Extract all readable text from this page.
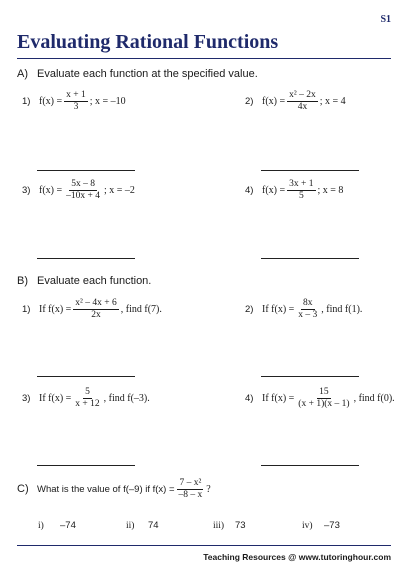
S1
Evaluating Rational Functions
A) Evaluate each function at the specified value.
1) $f(x) = \frac{x + 1}{3}$ ; x = –10	2) $f(x) = \frac{\text{x² – 2x}}{4x}$ ; x = 4
3) $f(x) = \frac{5x - 8}{-10x + 4}$ ; x = –2	4) $f(x) = \frac{3x + 1}{5}$ ; x = 8
B) Evaluate each function.
1) If $f(x) = \frac{\text{x² – 4x + 6}}{2x}$ , find f(7).	2) If $f(x) = \frac{8x}{x - 3}$ , find f(1).
3) If $f(x) = \frac{5}{x + 12}$ , find f(–3).	4) If $f(x) = \frac{15}{(x + 1)(x - 1)}$ , find f(0).
C) What is the value of f(–9) if $f(x) = \frac{\text{7 – x²}}{-8 - x}$ ?
i) –74	ii) 74	iii) 73	iv) –73
Teaching Resources @ www.tutoringhour.com
